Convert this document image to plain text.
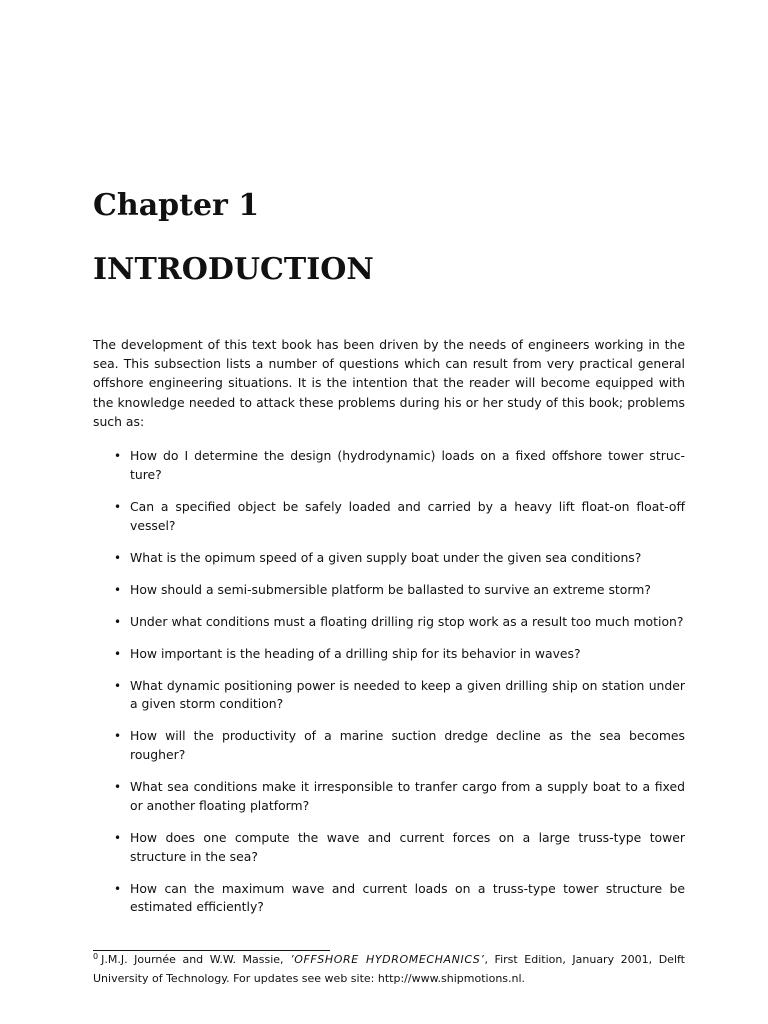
Chapter 1
INTRODUCTION

The development of this text book has been driven by the needs of engineers working in the sea. This subsection lists a number of questions which can result from very practical general offshore engineering situations. It is the intention that the reader will become equipped with the knowledge needed to attack these problems during his or her study of this book; problems such as:

• How do I determine the design (hydrodynamic) loads on a fixed offshore tower structure?
• Can a specified object be safely loaded and carried by a heavy lift float-on float-off vessel?
• What is the opimum speed of a given supply boat under the given sea conditions?
• How should a semi-submersible platform be ballasted to survive an extreme storm?
• Under what conditions must a floating drilling rig stop work as a result too much motion?
• How important is the heading of a drilling ship for its behavior in waves?
• What dynamic positioning power is needed to keep a given drilling ship on station under a given storm condition?
• How will the productivity of a marine suction dredge decline as the sea becomes rougher?
• What sea conditions make it irresponsible to tranfer cargo from a supply boat to a fixed or another floating platform?
• How does one compute the wave and current forces on a large truss-type tower structure in the sea?
• How can the maximum wave and current loads on a truss-type tower structure be estimated efficiently?

$^0$ J.M.J. Journée and W.W. Massie, ’OFFSHORE HYDROMECHANICS’, First Edition, January 2001, Delft University of Technology. For updates see web site: http://www.shipmotions.nl.
